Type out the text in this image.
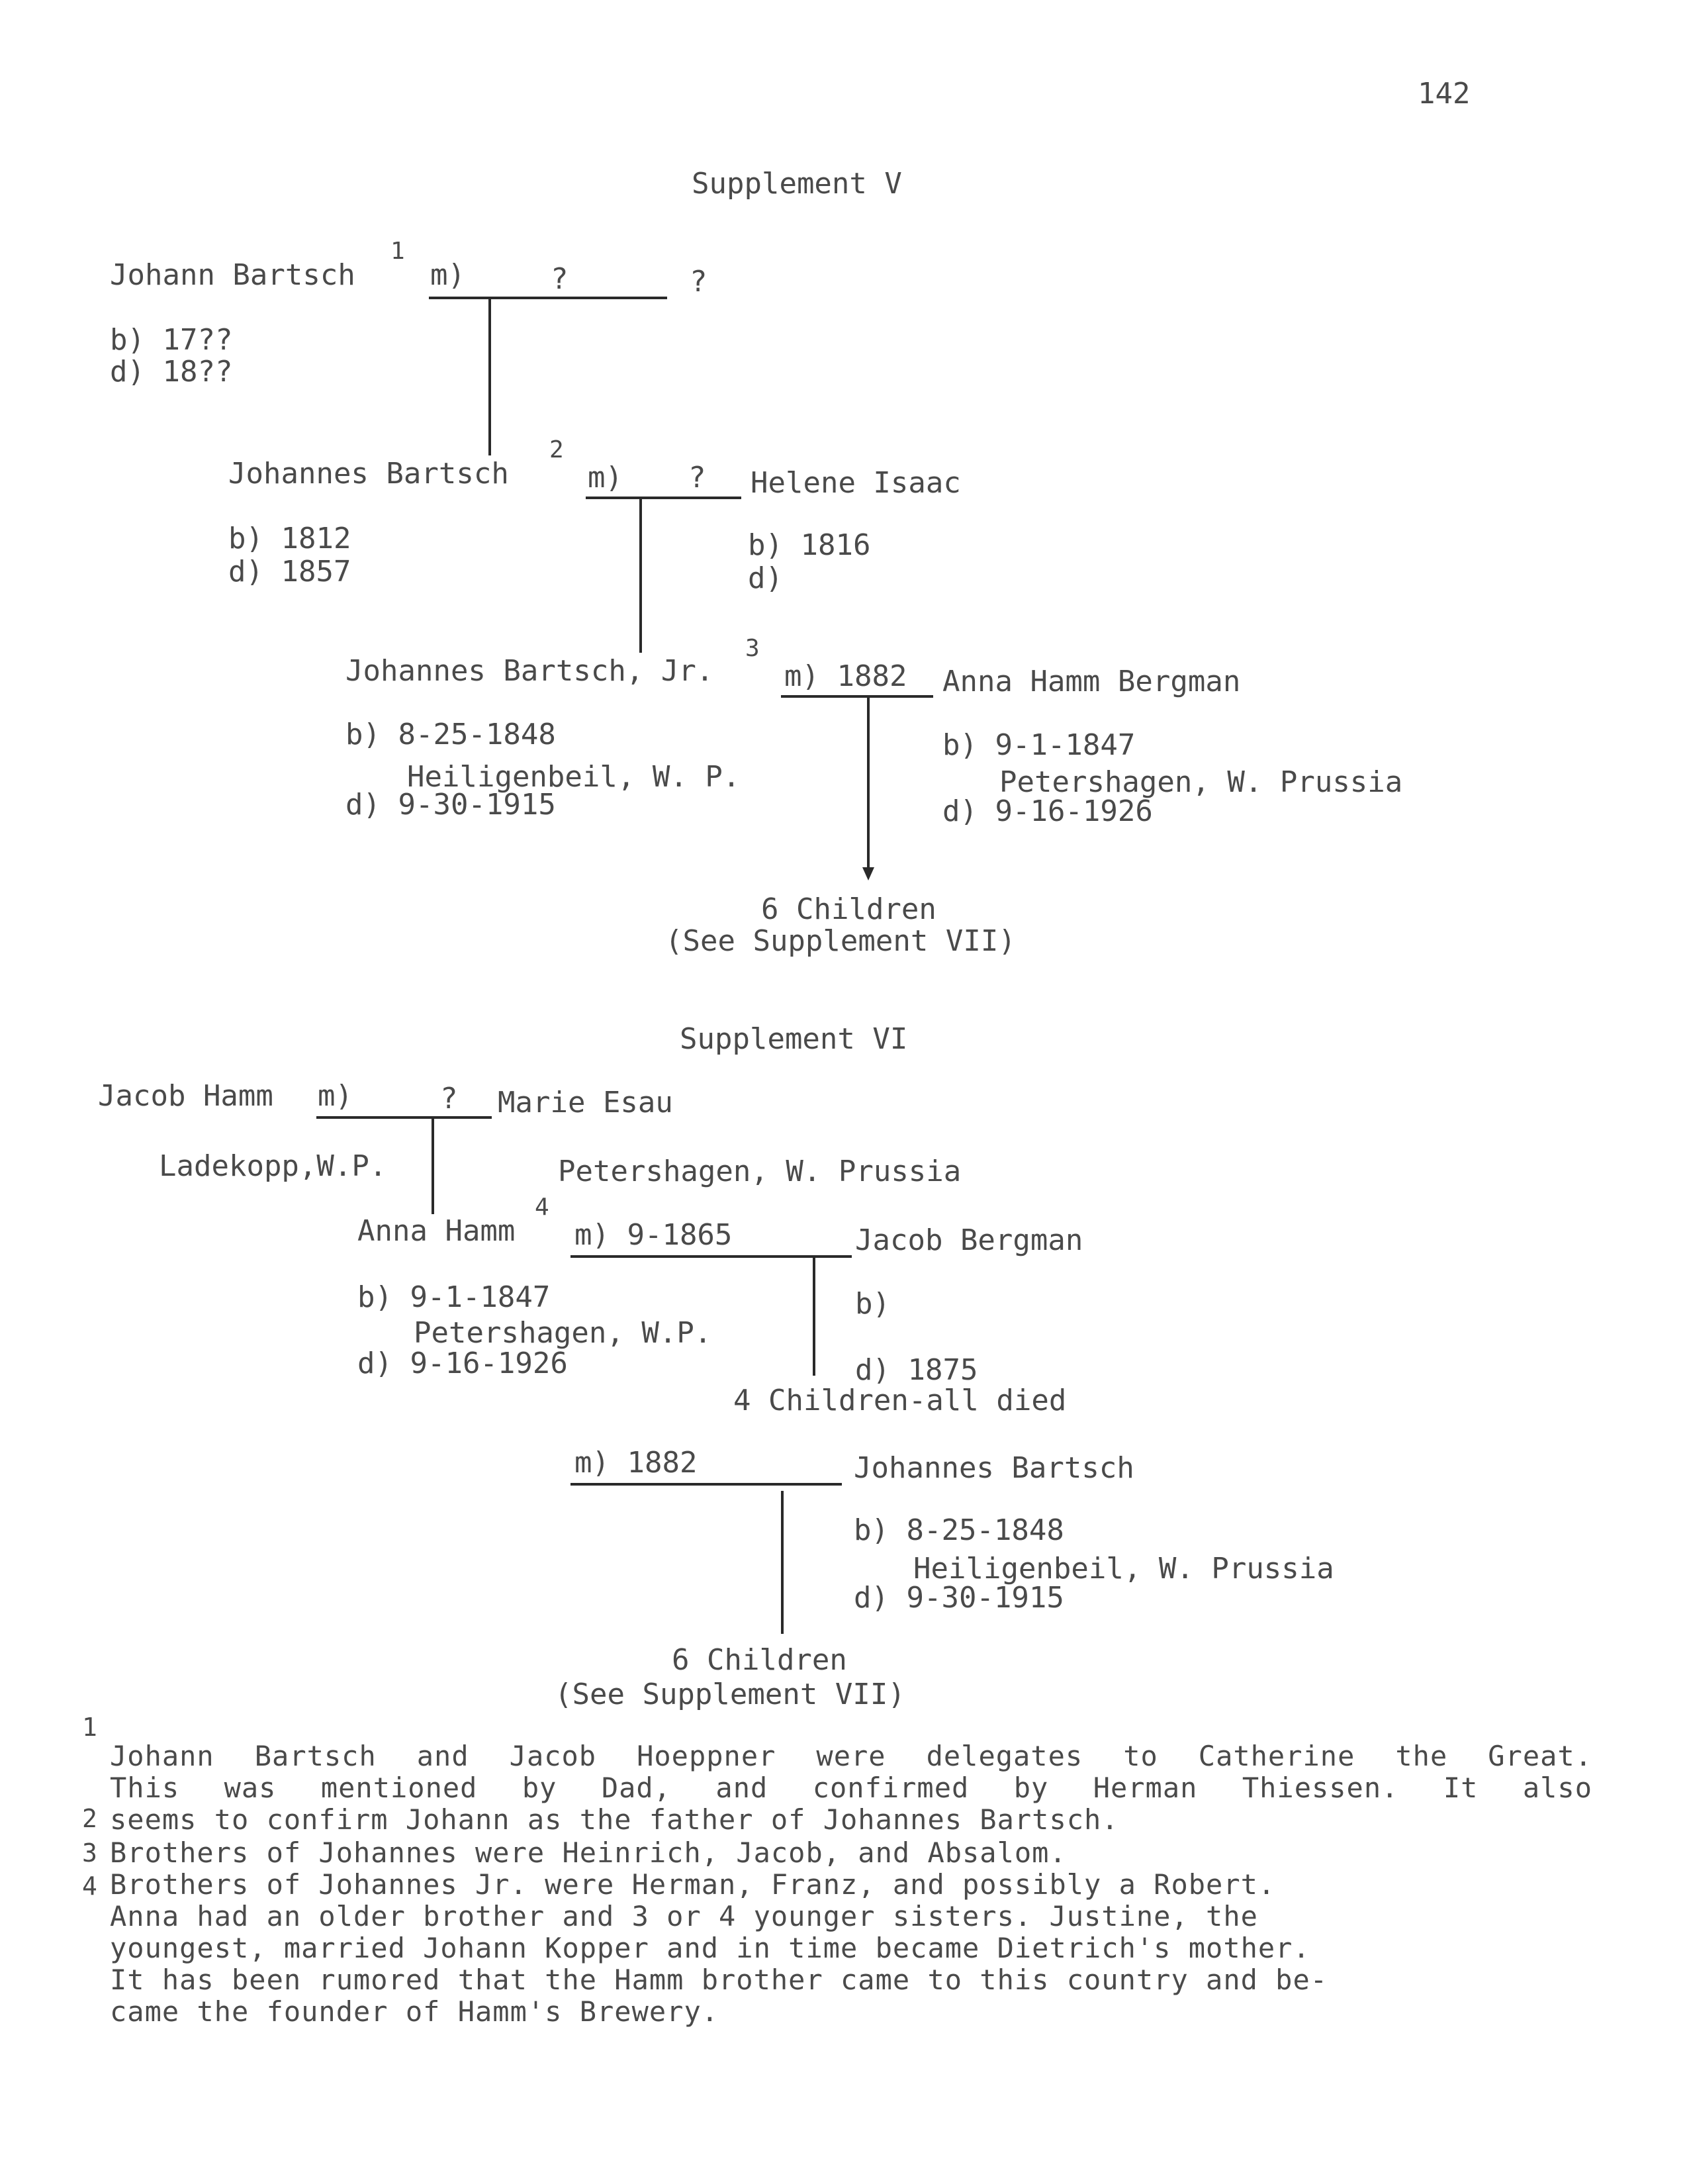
142
Supplement V
Johann Bartsch
1
m)	?	?
b) 17??
d) 18??
Johannes Bartsch
2
m) ? Helene Isaac
b) 1812
d) 1857
b) 1816
d)
Johannes Bartsch, Jr.
3
m) 1882 Anna Hamm Bergman
b) 8-25-1848
Heiligenbeil, W. P.
d) 9-30-1915
b) 9-1-1847
Petershagen, W. Prussia
d) 9-16-1926
6 Children
(See Supplement VII)
Supplement VI
Jacob Hamm m)	? Marie Esau
Ladekopp,W.P.	Petershagen, W. Prussia
Anna Hamm
4
m) 9-1865	Jacob Bergman
b) 9-1-1847
Petershagen, W.P.
d) 9-16-1926
b)
d) 1875
4 Children-all died
m) 1882	Johannes Bartsch
b) 8-25-1848
Heiligenbeil, W. Prussia
d) 9-30-1915
6 Children
(See Supplement VII)
1
2
3
4
Johann Bartsch and Jacob Hoeppner were delegates to Catherine the Great.
This was mentioned by Dad, and confirmed by Herman Thiessen. It also
seems to confirm Johann as the father of Johannes Bartsch.
Brothers of Johannes were Heinrich, Jacob, and Absalom.
Brothers of Johannes Jr. were Herman, Franz, and possibly a Robert.
Anna had an older brother and 3 or 4 younger sisters. Justine, the
youngest, married Johann Kopper and in time became Dietrich's mother.
It has been rumored that the Hamm brother came to this country and be-
came the founder of Hamm's Brewery.
